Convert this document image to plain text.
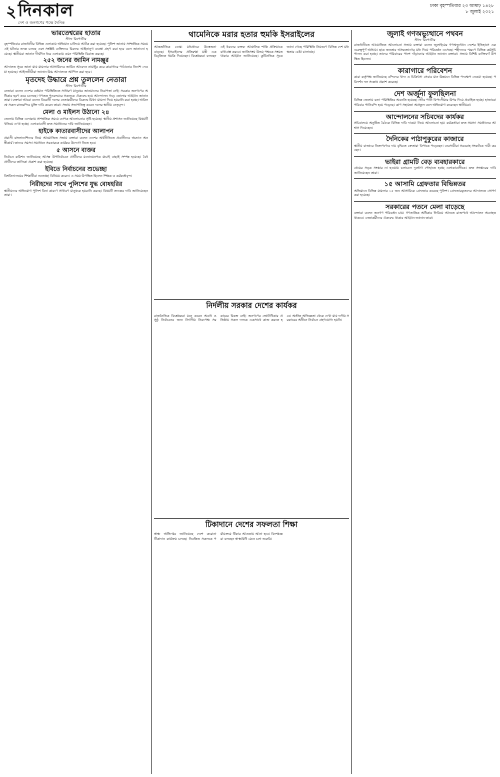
২ দিনকাল
দেশ ও জনগণের পক্ষে দৈনিক
ঢাকা বৃহস্পতিবার ২৩ আষাঢ় ১৪২৮
৮ জুলাই ২০২১
ভারতেশ্বরের হাতার
স্টাফ রিপোর্টার
বৃহস্পতিবার রাজধানীর বিভিন্ন এলাকায় অভিযান চালিয়ে আটক করা হয়েছে। পুলিশ জানায় সাম্প্রতিক সময়ে এই ঘটনার তদন্ত চলছে এবং সংশ্লিষ্ট ব্যক্তিদের বিরুদ্ধে আইনানুগ ব্যবস্থা গ্রহণ করা হবে বলে জানানো হয়েছে। স্থানীয়রা জানান দীর্ঘদিন ধরে এলাকায় এমন পরিস্থিতি বিরাজ করছে।
২৫২ জনের জামিন নামঞ্জুর
আদালত সূত্রে জানা যায় মামলার আসামিদের জামিন আবেদন নামঞ্জুর করে কারাগারে পাঠানোর নির্দেশ দেওয়া হয়েছে। আইনজীবীরা জানান উচ্চ আদালতে আপিল করা হবে।
মৃতদেহ উদ্ধারে প্রশ্ন তুললেন নেতারা
স্টাফ রিপোর্টার
নেতারা বলেন দেশের বর্তমান পরিস্থিতিতে সাধারণ মানুষের জানমালের নিরাপত্তা নেই। সরকার জনগণের অধিকার হরণ করে চলেছে। গণতন্ত্র পুনরুদ্ধারে সকলকে ঐক্যবদ্ধ হয়ে আন্দোলন গড়ে তোলার আহ্বান জানান তারা। বক্তারা আরো বলেন বিরোধী দলের নেতাকর্মীদের বিরুদ্ধে মিথ্যা মামলা দিয়ে হয়রানি করা হচ্ছে। অবিলম্বে সকল রাজবন্দির মুক্তি দাবি করেন তারা। সভায় সভাপতিত্ব করেন দলের স্থানীয় নেতৃবৃন্দ।
মেলা ও মাইলস উঠানো ২৪
জেলায় বিভিন্ন এলাকায় সাম্প্রতিক সময়ে ব্যাপক আলোচনার সৃষ্টি হয়েছে। স্থানীয় প্রশাসন জানিয়েছে বিষয়টি খতিয়ে দেখা হচ্ছে। এলাকাবাসী দ্রুত সমাধানের দাবি জানিয়েছেন।
হাইকে কাতারবাসীদের আলাপন
প্রবাসী বাংলাদেশিদের নিয়ে আয়োজিত সভায় বক্তারা বলেন দেশের অর্থনীতিতে প্রবাসীদের অবদান অনস্বীকার্য। তাদের সমস্যা সমাধানে সরকারকে কার্যকর উদ্যোগ নিতে হবে।
৫ আসনে ব্যক্তর
নির্বাচন কমিশন জানিয়েছে আসন্ন উপনির্বাচনে প্রার্থীদের মনোনয়নপত্র যাচাই বাছাই সম্পন্ন হয়েছে। বৈধ প্রার্থীদের তালিকা প্রকাশ করা হয়েছে।
ইবিতে নির্বাচনের শুভেচ্ছা
বিশ্ববিদ্যালয়ের শিক্ষার্থীরা শুভেচ্ছা বিনিময় করেন। এ সময় উপস্থিত ছিলেন শিক্ষক ও কর্মকর্তাবৃন্দ।
নিরীহদের সাথে পুলিশের যুদ্ধ বোধহরির
স্থানীয়দের অভিযোগ পুলিশ বিনা কারণে সাধারণ মানুষকে হয়রানি করছে। বিষয়টি তদন্তের দাবি জানিয়েছেন তারা।
থামেনিকে মরার হতার হুমকি ইসরাইলের
আন্তর্জাতিক ডেস্ক। মধ্যপ্রাচ্যে উত্তেজনা বাড়ছে। ইসরাইলের প্রতিরক্ষা মন্ত্রী এক বিবৃতিতে হুমকি দিয়েছেন। বিশ্লেষকরা বলছেন এই ধরনের বক্তব্য আঞ্চলিক শান্তি প্রক্রিয়াকে বাধাগ্রস্ত করবে। জাতিসংঘ উভয় পক্ষকে সংযত থাকার আহ্বান জানিয়েছে। কূটনৈতিক সূত্রে জানা গেছে পরিস্থিতি নিয়ন্ত্রণে বিভিন্ন দেশ মধ্যস্থতার চেষ্টা চালাচ্ছে।
নির্দলীয় সরকার দেশের কার্যকর
রাজনৈতিক বিশ্লেষকরা মনে করেন অবাধ ও সুষ্ঠু নির্বাচনের জন্য নির্দলীয় নিরপেক্ষ সরকারের বিকল্প নেই। জনগণের ভোটাধিকার প্রতিষ্ঠায় সকল দলকে একসাথে কাজ করতে হবে। অতীত অভিজ্ঞতা থেকে দেখা যায় দলীয় সরকারের অধীনে নির্বাচন গ্রহণযোগ্য হয়নি।
টিকাদানে দেশের সফলতা শিক্ষা
স্বাস্থ্য অধিদপ্তর জানিয়েছে দেশে করোনা টিকাদান কার্যক্রম চলছে। নিবন্ধিত সকলকে পর্যায়ক্রমে টিকার আওতায় আনা হবে। বিশেষজ্ঞরা বলছেন স্বাস্থ্যবিধি মেনে চলা জরুরি।
জুলাই গণঅভ্যুত্থানে পথবন
স্টাফ রিপোর্টার
রাজধানীতে আয়োজিত আলোচনা সভায় বক্তারা বলেন জুলাইয়ের গণঅভ্যুত্থান দেশের ইতিহাসে এক গুরুত্বপূর্ণ অধ্যায়। ছাত্র জনতার আত্মত্যাগের মধ্য দিয়ে পরিবর্তন এসেছে। শহীদদের স্মরণে বিভিন্ন কর্মসূচি পালন করা হচ্ছে। তাদের পরিবারের পাশে দাঁড়ানোর আহ্বান জানান বক্তারা। সভায় বিশিষ্ট ব্যক্তিবর্গ উপস্থিত ছিলেন।
কারাগারে পরিবেশন
কারা কর্তৃপক্ষ জানিয়েছে বন্দিদের খাদ্য ও চিকিৎসা সেবার মান উন্নয়নে বিভিন্ন পদক্ষেপ নেওয়া হয়েছে। পরিদর্শন দল সন্তোষ প্রকাশ করেছে।
দেশ অর্জুনা ফুলছিলনা
বিভিন্ন জেলায় বন্যা পরিস্থিতির অবনতি হয়েছে। নদীর পানি বিপদসীমার উপর দিয়ে প্রবাহিত হচ্ছে। হাজারো পরিবার পানিবন্দি হয়ে পড়েছে। ত্রাণ সহায়তা অপ্রতুল বলে অভিযোগ করেছেন স্থানীয়রা।
আন্দোলনের সচিবদের কার্যকর
সচিবালয়ে অনুষ্ঠিত বৈঠকে বিভিন্ন দাবি দাওয়া নিয়ে আলোচনা হয়। কর্মকর্তারা দ্রুত সমস্যা সমাধানের আশ্বাস দিয়েছেন।
দৈনিকের পাঠাপুকুরের কাজারে
স্থানীয় বাজারে নিত্যপণ্যের দাম বৃদ্ধিতে ক্রেতারা বিপাকে পড়েছেন। ব্যবসায়ীরা সরবরাহ সংকটকে দায়ী করছেন।
ভাইরা গ্রামটি বেড় ব্যবহারকারে
গ্রামের সড়ক সংস্কার না হওয়ায় চলাচলে দুর্ভোগ পোহাতে হচ্ছে এলাকাবাসীকে। দ্রুত সংস্কারের দাবি জানিয়েছেন তারা।
১৫ আসামি গ্রেফতার বিভিন্নতর
অভিযানে বিভিন্ন মামলার ১৫ জন আসামিকে গ্রেফতার করেছে পুলিশ। গ্রেফতারকৃতদের আদালতে সোপর্দ করা হয়েছে।
সরকারের পতনে মেলা বাড়েছে
বক্তারা বলেন জনগণ পরিবর্তন চায়। গণতান্ত্রিক অধিকার ফিরিয়ে আনতে রাজপথে আন্দোলন অব্যাহত থাকবে। নেতাকর্মীদের ঐক্যবদ্ধ থাকার আহ্বান জানান তারা।
